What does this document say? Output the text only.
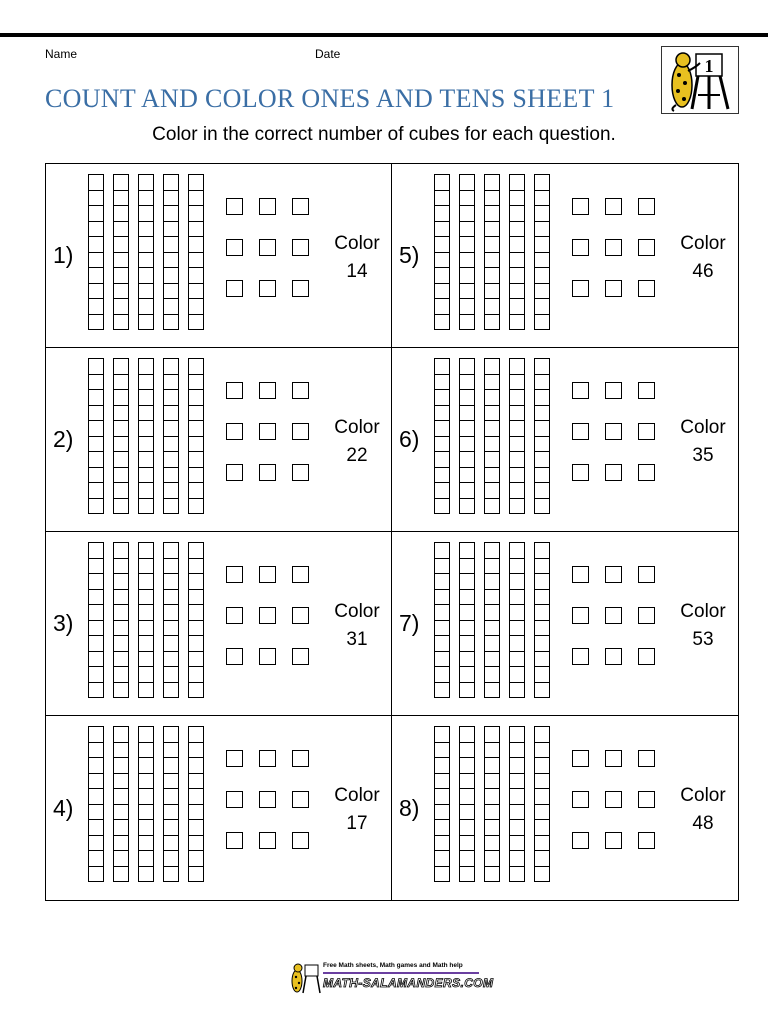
Name	Date
COUNT AND COLOR ONES AND TENS SHEET 1
Color in the correct number of cubes for each question.
1
1)	Color
14
5)	Color
46
2)	Color
22
6)	Color
35
3)	Color
31
7)	Color
53
4)	Color
17
8)	Color
48
Free Math sheets, Math games and Math help
MATH-SALAMANDERS.COM
